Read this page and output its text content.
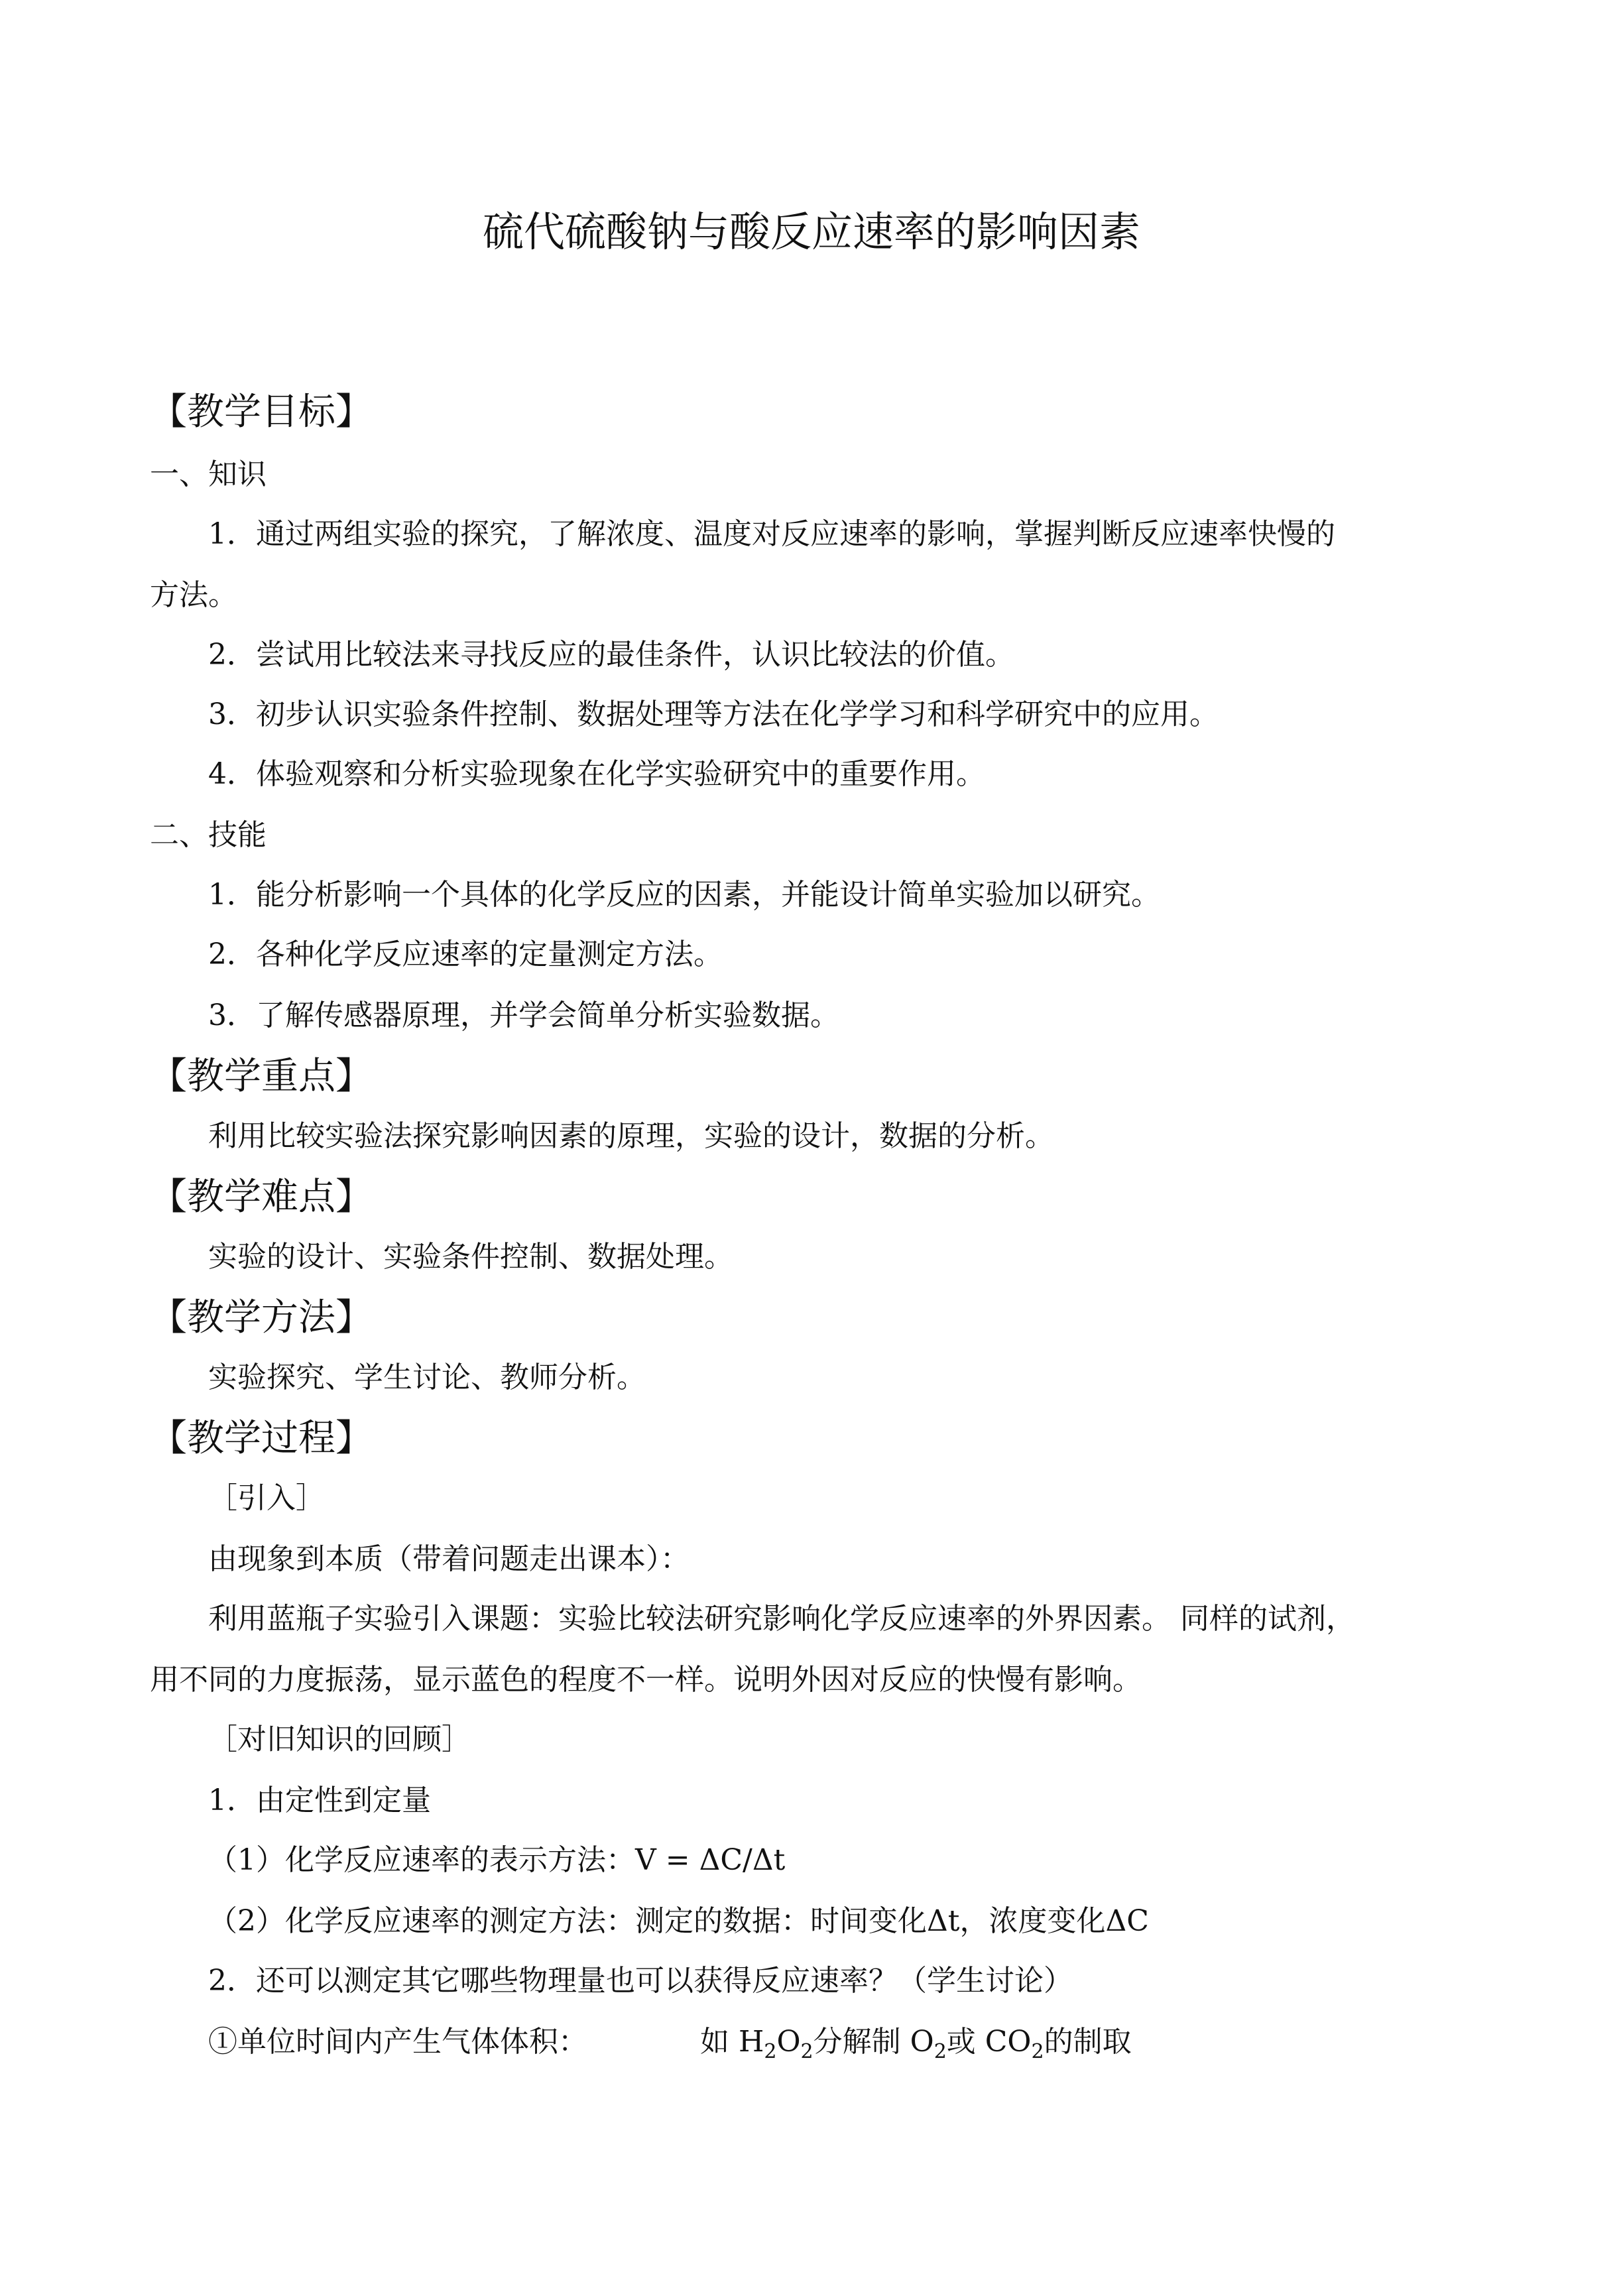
硫代硫酸钠与酸反应速率的影响因素
【教学目标】
一、知识
1．通过两组实验的探究，了解浓度、温度对反应速率的影响，掌握判断反应速率快慢的
方法。
2．尝试用比较法来寻找反应的最佳条件，认识比较法的价值。
3．初步认识实验条件控制、数据处理等方法在化学学习和科学研究中的应用。
4．体验观察和分析实验现象在化学实验研究中的重要作用。
二、技能
1．能分析影响一个具体的化学反应的因素，并能设计简单实验加以研究。
2．各种化学反应速率的定量测定方法。
3．了解传感器原理，并学会简单分析实验数据。
【教学重点】
利用比较实验法探究影响因素的原理，实验的设计，数据的分析。
【教学难点】
实验的设计、实验条件控制、数据处理。
【教学方法】
实验探究、学生讨论、教师分析。
【教学过程】
［引入］
由现象到本质（带着问题走出课本）：
利用蓝瓶子实验引入课题：实验比较法研究影响化学反应速率的外界因素。 同样的试剂，
用不同的力度振荡，显示蓝色的程度不一样。说明外因对反应的快慢有影响。
［对旧知识的回顾］
1．由定性到定量
（1）化学反应速率的表示方法：V = ΔC/Δt
（2）化学反应速率的测定方法：测定的数据：时间变化Δt，浓度变化ΔC
2．还可以测定其它哪些物理量也可以获得反应速率？（学生讨论）
①单位时间内产生气体体积：	如 $H_2O_2$分解制 $O_2$或 $CO_2$的制取
